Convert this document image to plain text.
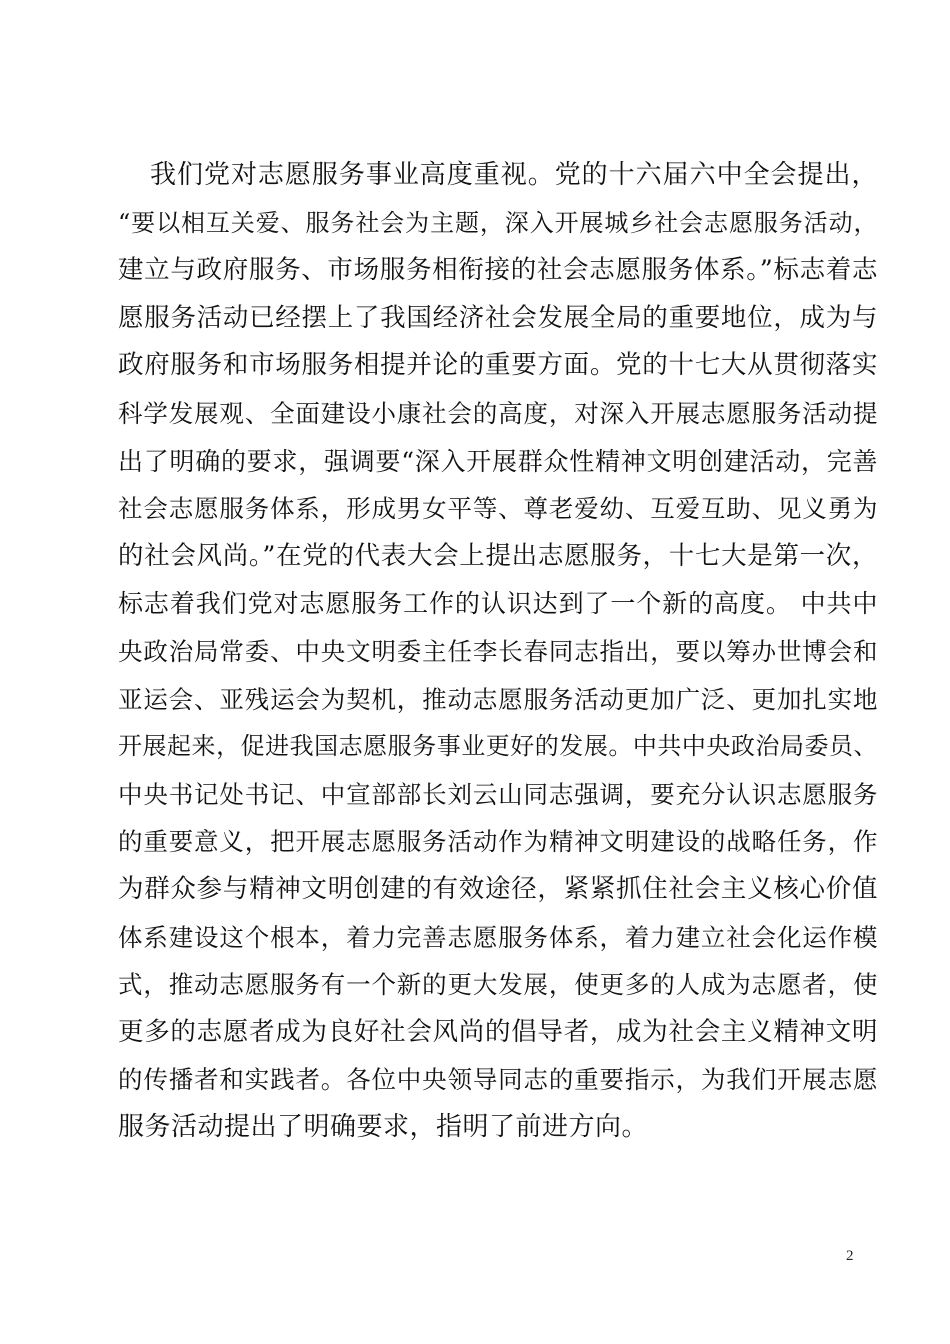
我们党对志愿服务事业高度重视。党的十六届六中全会提出，
“要以相互关爱、服务社会为主题，深入开展城乡社会志愿服务活动，
建立与政府服务、市场服务相衔接的社会志愿服务体系。”标志着志
愿服务活动已经摆上了我国经济社会发展全局的重要地位，成为与
政府服务和市场服务相提并论的重要方面。党的十七大从贯彻落实
科学发展观、全面建设小康社会的高度，对深入开展志愿服务活动提
出了明确的要求，强调要“深入开展群众性精神文明创建活动，完善
社会志愿服务体系，形成男女平等、尊老爱幼、互爱互助、见义勇为
的社会风尚。”在党的代表大会上提出志愿服务，十七大是第一次，
标志着我们党对志愿服务工作的认识达到了一个新的高度。 中共中
央政治局常委、中央文明委主任李长春同志指出，要以筹办世博会和
亚运会、亚残运会为契机，推动志愿服务活动更加广泛、更加扎实地
开展起来，促进我国志愿服务事业更好的发展。中共中央政治局委员、
中央书记处书记、中宣部部长刘云山同志强调，要充分认识志愿服务
的重要意义，把开展志愿服务活动作为精神文明建设的战略任务，作
为群众参与精神文明创建的有效途径，紧紧抓住社会主义核心价值
体系建设这个根本，着力完善志愿服务体系，着力建立社会化运作模
式，推动志愿服务有一个新的更大发展，使更多的人成为志愿者，使
更多的志愿者成为良好社会风尚的倡导者，成为社会主义精神文明
的传播者和实践者。各位中央领导同志的重要指示，为我们开展志愿
服务活动提出了明确要求，指明了前进方向。
2
